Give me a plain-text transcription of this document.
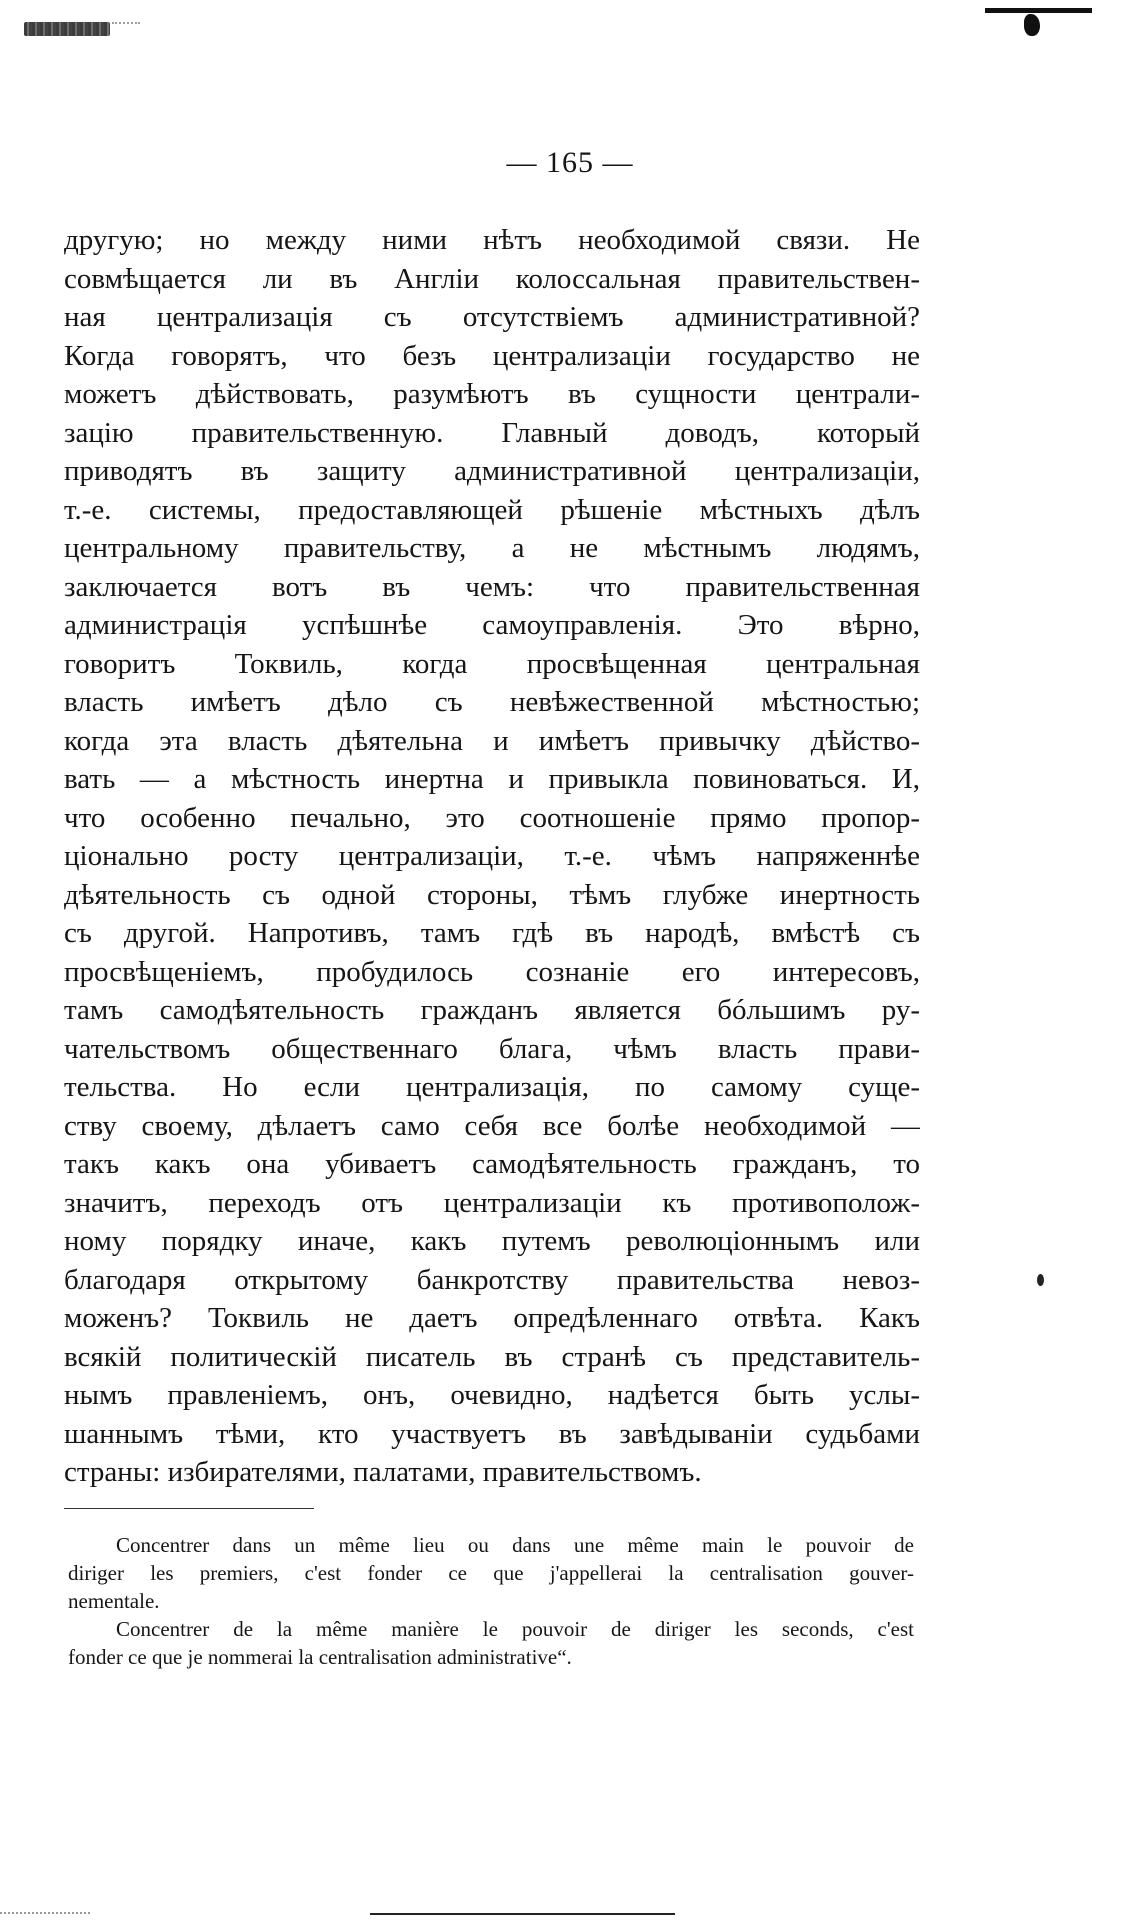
— 165 —
другую; но между ними нѣтъ необходимой связи. Не
совмѣщается ли въ Англіи колоссальная правительствен-
ная централизація съ отсутствіемъ административной?
Когда говорятъ, что безъ централизаціи государство не
можетъ дѣйствовать, разумѣютъ въ сущности централи-
зацію правительственную. Главный доводъ, который
приводятъ въ защиту административной централизаціи,
т.-е. системы, предоставляющей рѣшеніе мѣстныхъ дѣлъ
центральному правительству, а не мѣстнымъ людямъ,
заключается вотъ въ чемъ: что правительственная
администрація успѣшнѣе самоуправленія. Это вѣрно,
говоритъ Токвиль, когда просвѣщенная центральная
власть имѣетъ дѣло съ невѣжественной мѣстностью;
когда эта власть дѣятельна и имѣетъ привычку дѣйство-
вать — а мѣстность инертна и привыкла повиноваться. И,
что особенно печально, это соотношеніе прямо пропор-
ціонально росту централизаціи, т.-е. чѣмъ напряженнѣе
дѣятельность съ одной стороны, тѣмъ глубже инертность
съ другой. Напротивъ, тамъ гдѣ въ народѣ, вмѣстѣ съ
просвѣщеніемъ, пробудилось сознаніе его интересовъ,
тамъ самодѣятельность гражданъ является бóльшимъ ру-
чательствомъ общественнаго блага, чѣмъ власть прави-
тельства. Но если централизація, по самому суще-
ству своему, дѣлаетъ само себя все болѣе необходимой —
такъ какъ она убиваетъ самодѣятельность гражданъ, то
значитъ, переходъ отъ централизаціи къ противополож-
ному порядку иначе, какъ путемъ революціоннымъ или
благодаря открытому банкротству правительства невоз-
моженъ? Токвиль не даетъ опредѣленнаго отвѣта. Какъ
всякій политическій писатель въ странѣ съ представитель-
нымъ правленіемъ, онъ, очевидно, надѣется быть услы-
шаннымъ тѣми, кто участвуетъ въ завѣдываніи судьбами
страны: избирателями, палатами, правительствомъ.
Concentrer dans un même lieu ou dans une même main le pouvoir de
diriger les premiers, c'est fonder ce que j'appellerai la centralisation gouver-
nementale.
Concentrer de la même manière le pouvoir de diriger les seconds, c'est
fonder ce que je nommerai la centralisation administrative“.
